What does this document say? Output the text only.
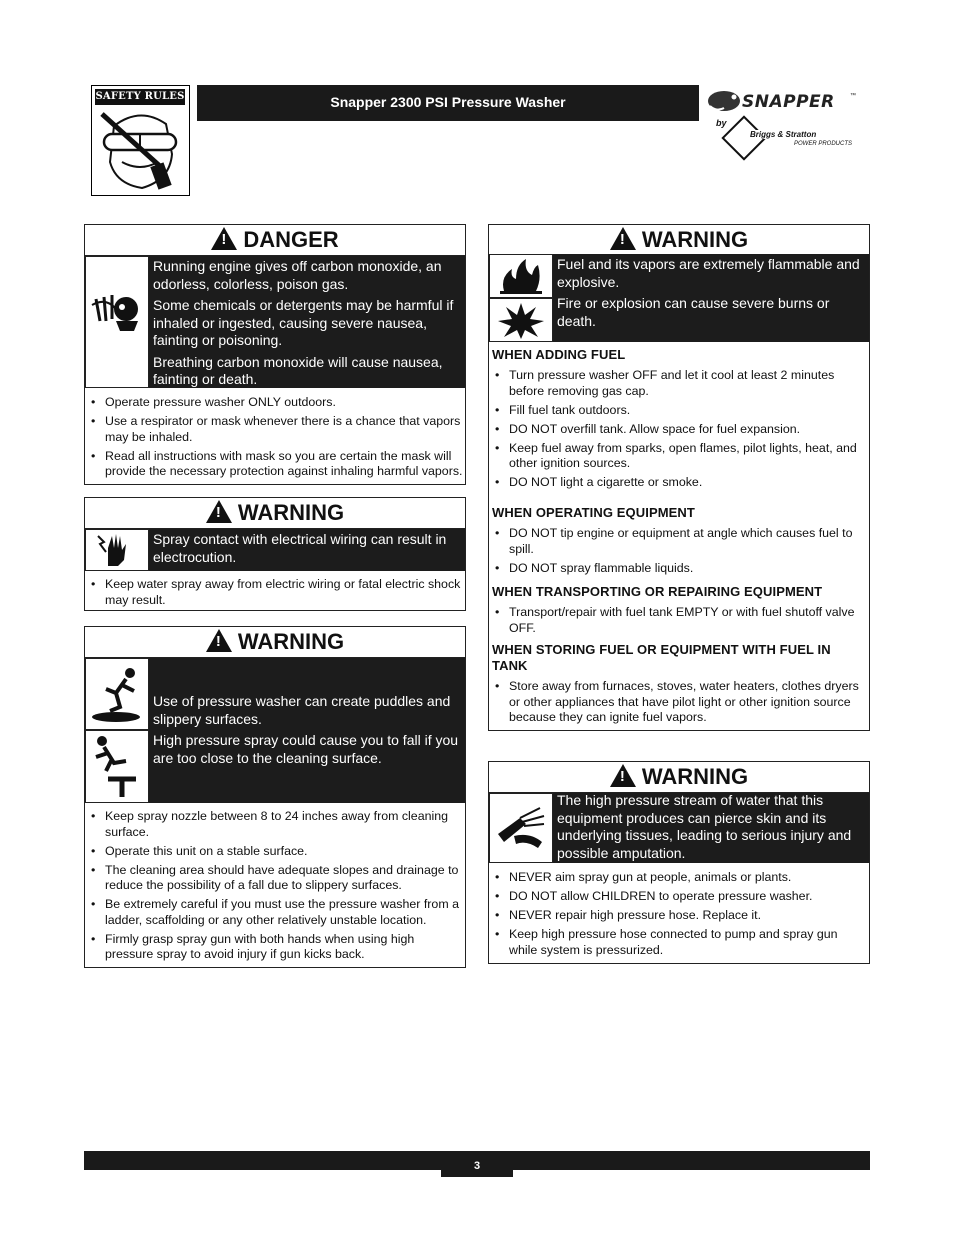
SAFETY RULES	Snapper 2300 PSI Pressure Washer	SNAPPER	™
by
Briggs & Stratton
POWER PRODUCTS
!DANGER

Running engine gives off carbon monoxide, an odorless, colorless, poison gas.

Some chemicals or detergents may be harmful if inhaled or ingested, causing severe nausea, fainting or poisoning.

Breathing carbon monoxide will cause nausea, fainting or death.

• Operate pressure washer ONLY outdoors.
• Use a respirator or mask whenever there is a chance that vapors may be inhaled.
• Read all instructions with mask so you are certain the mask will provide the necessary protection against inhaling harmful vapors.
!WARNING
Spray contact with electrical wiring can result in electrocution.
• Keep water spray away from electric wiring or fatal electric shock may result.
!WARNING

Use of pressure washer can create puddles and slippery surfaces.

High pressure spray could cause you to fall if you are too close to the cleaning surface.

• Keep spray nozzle between 8 to 24 inches away from cleaning surface.
• Operate this unit on a stable surface.
• The cleaning area should have adequate slopes and drainage to reduce the possibility of a fall due to slippery surfaces.
• Be extremely careful if you must use the pressure washer from a ladder, scaffolding or any other relatively unstable location.
• Firmly grasp spray gun with both hands when using high pressure spray to avoid injury if gun kicks back.
!WARNING

Fuel and its vapors are extremely flammable and explosive.

Fire or explosion can cause severe burns or death.

WHEN ADDING FUEL
• Turn pressure washer OFF and let it cool at least 2 minutes before removing gas cap.
• Fill fuel tank outdoors.
• DO NOT overfill tank. Allow space for fuel expansion.
• Keep fuel away from sparks, open flames, pilot lights, heat, and other ignition sources.
• DO NOT light a cigarette or smoke.
WHEN OPERATING EQUIPMENT
• DO NOT tip engine or equipment at angle which causes fuel to spill.
• DO NOT spray flammable liquids.
WHEN TRANSPORTING OR REPAIRING EQUIPMENT
• Transport/repair with fuel tank EMPTY or with fuel shutoff valve OFF.
WHEN STORING FUEL OR EQUIPMENT WITH FUEL IN TANK
• Store away from furnaces, stoves, water heaters, clothes dryers or other appliances that have pilot light or other ignition source because they can ignite fuel vapors.
!WARNING
The high pressure stream of water that this equipment produces can pierce skin and its underlying tissues, leading to serious injury and possible amputation.
• NEVER aim spray gun at people, animals or plants.
• DO NOT allow CHILDREN to operate pressure washer.
• NEVER repair high pressure hose. Replace it.
• Keep high pressure hose connected to pump and spray gun while system is pressurized.
3
